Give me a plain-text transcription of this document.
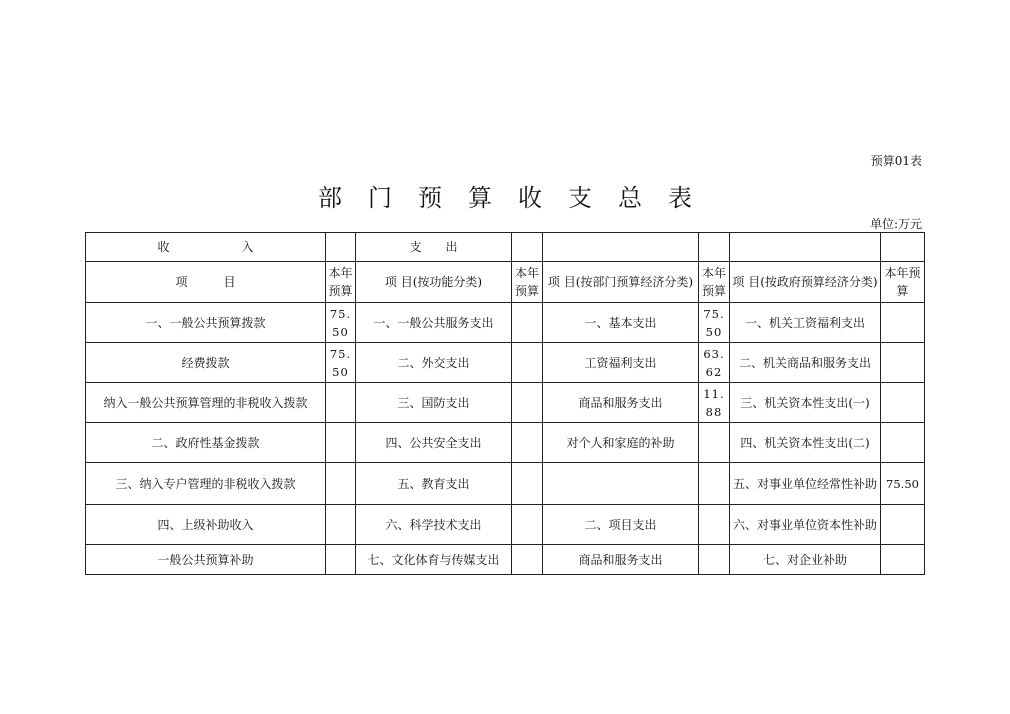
预算01表
部门预算收支总表
单位:万元
收　　　　　　入		支　　出					
项　　　目	本年预算	项 目(按功能分类)	本年预算	项 目(按部门预算经济分类)	本年预算	项 目(按政府预算经济分类)	本年预算
一、一般公共预算拨款	75.50	一、一般公共服务支出		一、基本支出	75.50	一、机关工资福利支出	
经费拨款	75.50	二、外交支出		工资福利支出	63.62	二、机关商品和服务支出	
纳入一般公共预算管理的非税收入拨款		三、国防支出		商品和服务支出	11.88	三、机关资本性支出(一)	
二、政府性基金拨款		四、公共安全支出		对个人和家庭的补助		四、机关资本性支出(二)	
三、纳入专户管理的非税收入拨款		五、教育支出				五、对事业单位经常性补助	75.50
四、上级补助收入		六、科学技术支出		二、项目支出		六、对事业单位资本性补助	
一般公共预算补助		七、文化体育与传媒支出		商品和服务支出		七、对企业补助	
